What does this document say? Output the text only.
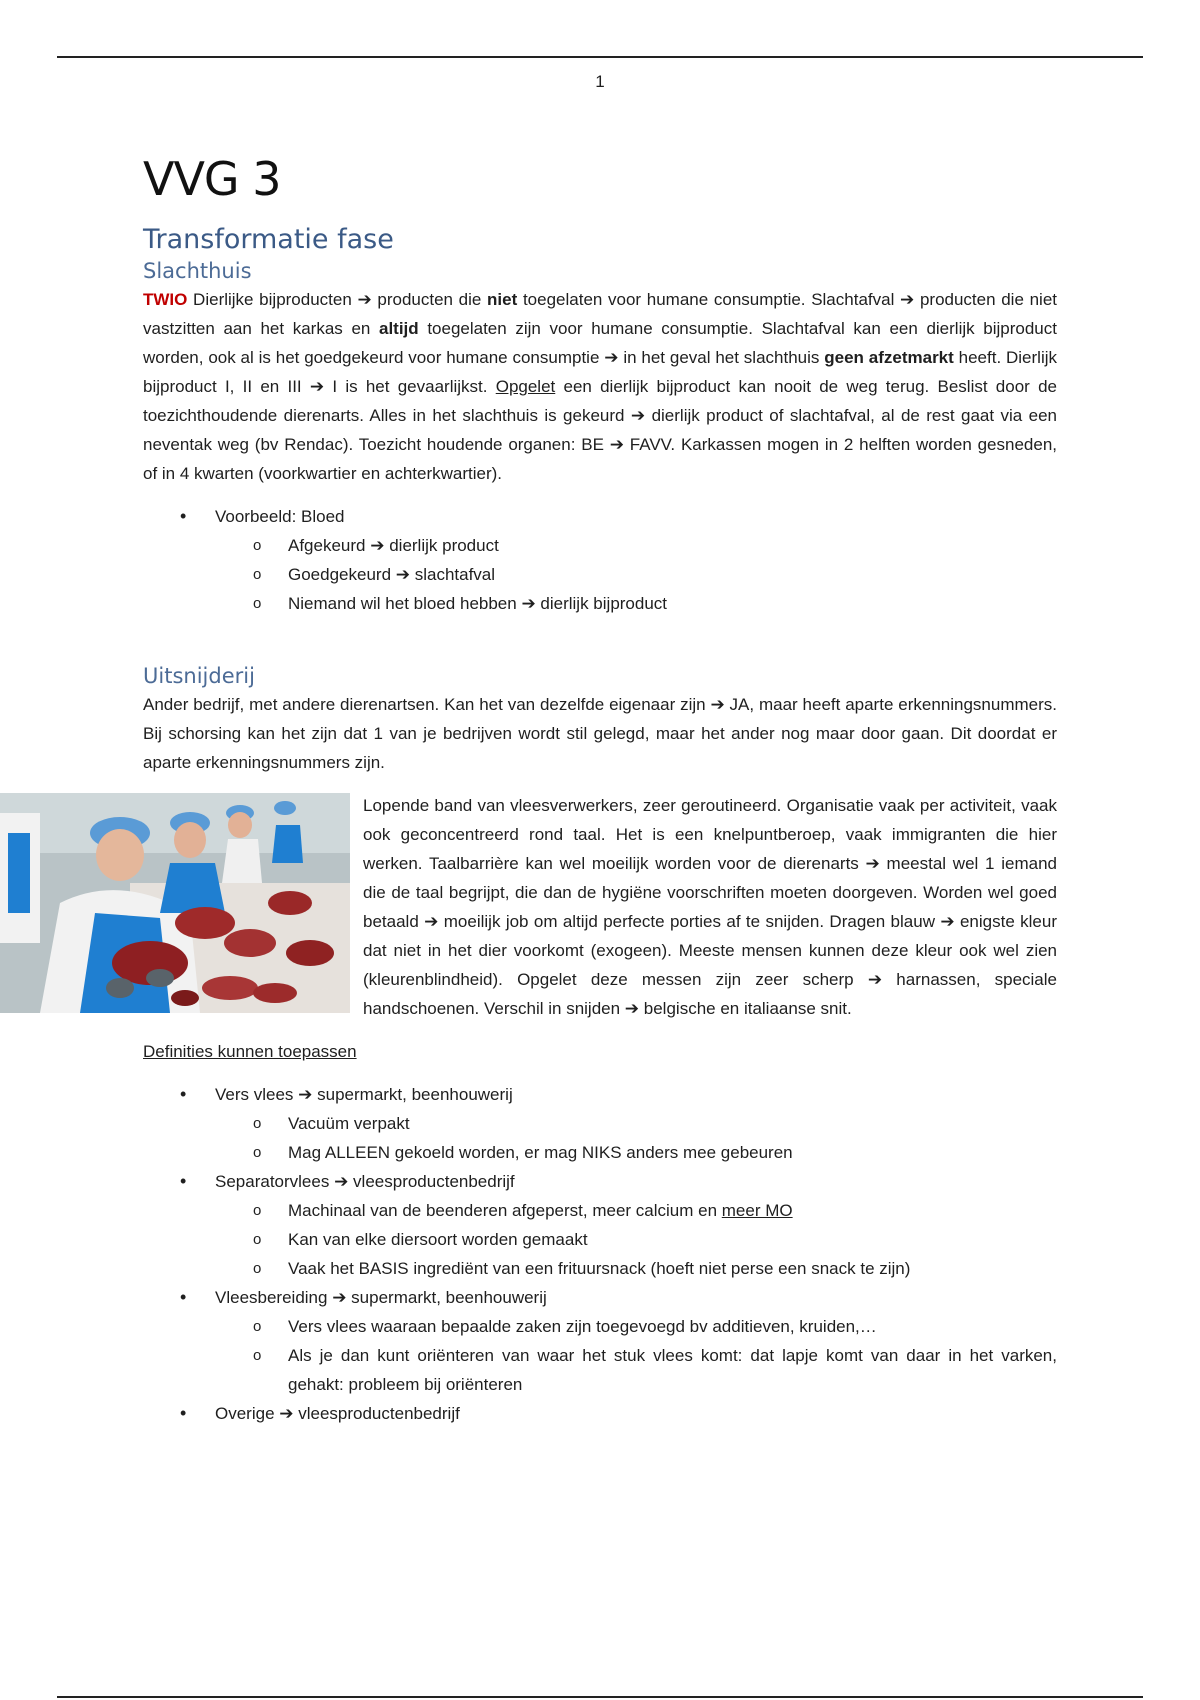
1
VVG 3
Transformatie fase
Slachthuis

TWIO Dierlijke bijproducten ➔ producten die niet toegelaten voor humane consumptie. Slachtafval ➔ producten die niet vastzitten aan het karkas en altijd toegelaten zijn voor humane consumptie. Slachtafval kan een dierlijk bijproduct worden, ook al is het goedgekeurd voor humane consumptie ➔ in het geval het slachthuis geen afzetmarkt heeft. Dierlijk bijproduct I, II en III ➔ I is het gevaarlijkst. Opgelet een dierlijk bijproduct kan nooit de weg terug. Beslist door de toezichthoudende dierenarts. Alles in het slachthuis is gekeurd ➔ dierlijk product of slachtafval, al de rest gaat via een neventak weg (bv Rendac). Toezicht houdende organen: BE ➔ FAVV. Karkassen mogen in 2 helften worden gesneden, of in 4 kwarten (voorkwartier en achterkwartier).

• Voorbeeld: Bloed
o Afgekeurd ➔ dierlijk product
o Goedgekeurd ➔ slachtafval
o Niemand wil het bloed hebben ➔ dierlijk bijproduct
Uitsnijderij

Ander bedrijf, met andere dierenartsen. Kan het van dezelfde eigenaar zijn ➔ JA, maar heeft aparte erkenningsnummers. Bij schorsing kan het zijn dat 1 van je bedrijven wordt stil gelegd, maar het ander nog maar door gaan. Dit doordat er aparte erkenningsnummers zijn.

Lopende band van vleesverwerkers, zeer geroutineerd. Organisatie vaak per activiteit, vaak ook geconcentreerd rond taal. Het is een knelpuntberoep, vaak immigranten die hier werken. Taalbarrière kan wel moeilijk worden voor de dierenarts ➔ meestal wel 1 iemand die de taal begrijpt, die dan de hygiëne voorschriften moeten doorgeven. Worden wel goed betaald ➔ moeilijk job om altijd perfecte porties af te snijden. Dragen blauw ➔ enigste kleur dat niet in het dier voorkomt (exogeen). Meeste mensen kunnen deze kleur ook wel zien (kleurenblindheid). Opgelet deze messen zijn zeer scherp ➔ harnassen, speciale handschoenen. Verschil in snijden ➔ belgische en italiaanse snit.

Definities kunnen toepassen

• Vers vlees ➔ supermarkt, beenhouwerij
o Vacuüm verpakt
o Mag ALLEEN gekoeld worden, er mag NIKS anders mee gebeuren
• Separatorvlees ➔ vleesproductenbedrijf
o Machinaal van de beenderen afgeperst, meer calcium en meer MO
o Kan van elke diersoort worden gemaakt
o Vaak het BASIS ingrediënt van een frituursnack (hoeft niet perse een snack te zijn)
• Vleesbereiding ➔ supermarkt, beenhouwerij
o Vers vlees waaraan bepaalde zaken zijn toegevoegd bv additieven, kruiden,…
o Als je dan kunt oriënteren van waar het stuk vlees komt: dat lapje komt van daar in het varken, gehakt: probleem bij oriënteren
• Overige ➔ vleesproductenbedrijf
